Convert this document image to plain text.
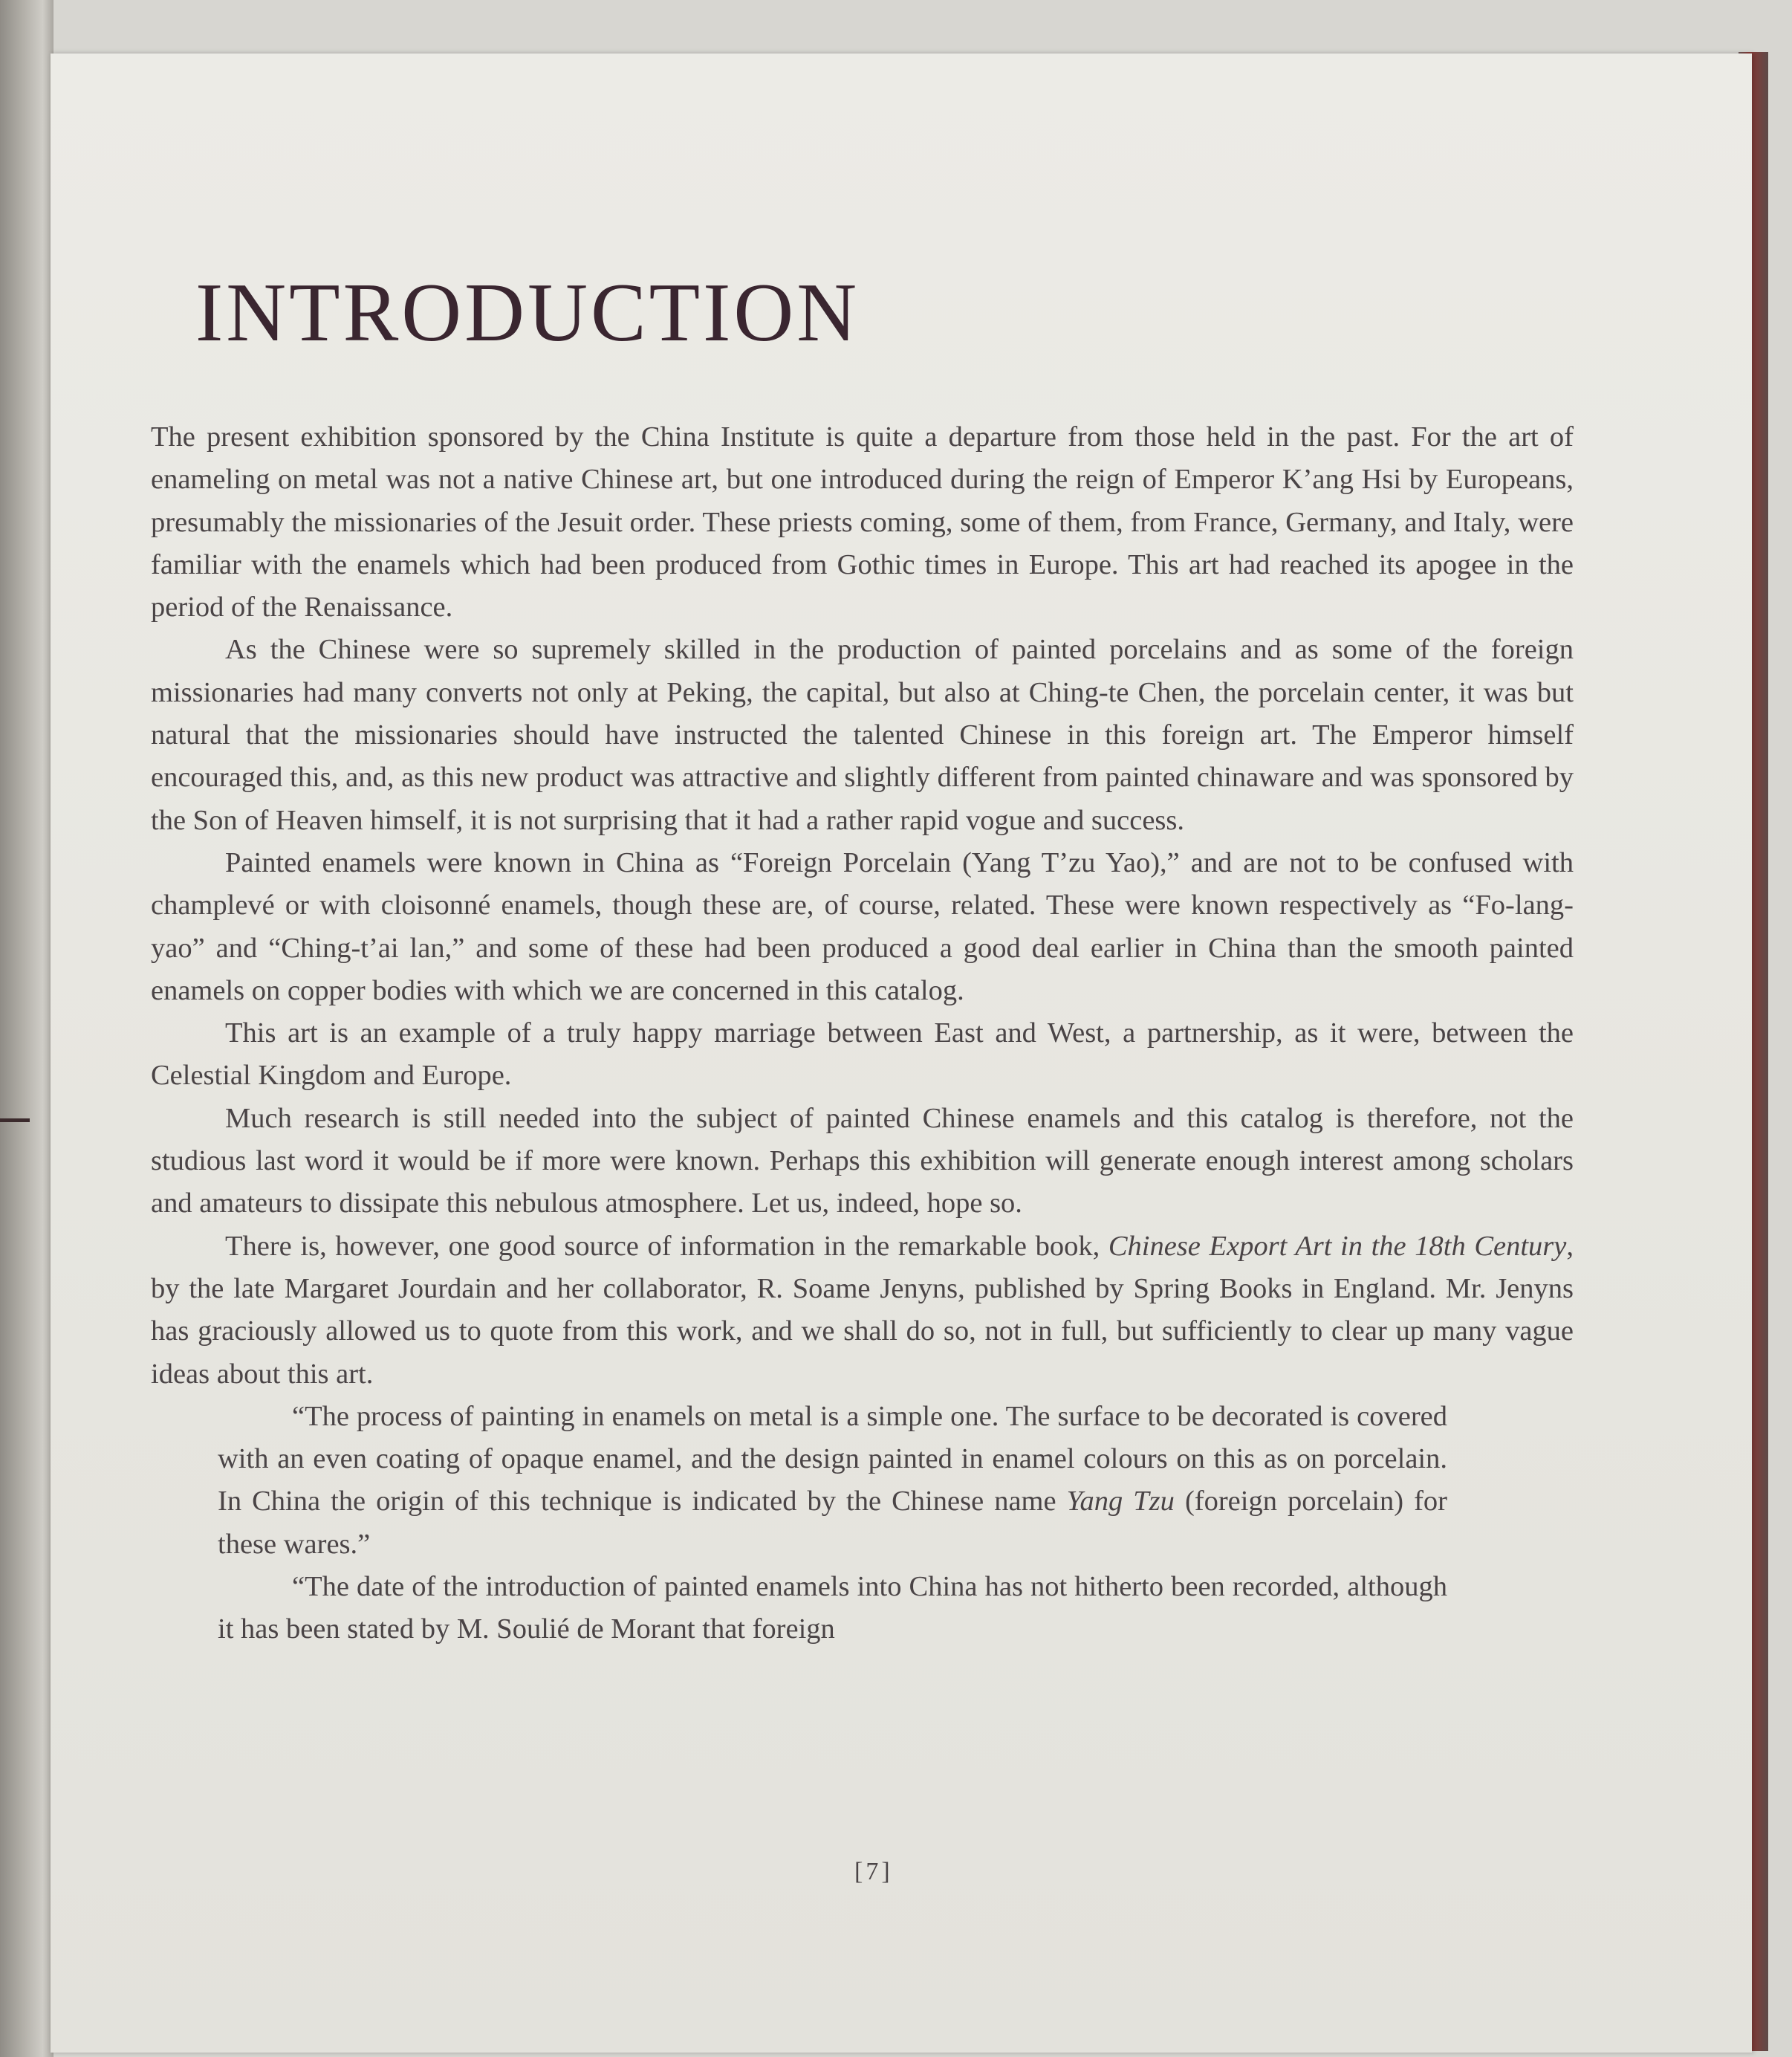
INTRODUCTION

The present exhibition sponsored by the China Institute is quite a departure from those held in the past. For the art of enameling on metal was not a native Chinese art, but one introduced during the reign of Emperor K’ang Hsi by Europeans, presumably the missionaries of the Jesuit order. These priests coming, some of them, from France, Germany, and Italy, were familiar with the enamels which had been produced from Gothic times in Europe. This art had reached its apogee in the period of the Renaissance.

As the Chinese were so supremely skilled in the production of painted porcelains and as some of the foreign missionaries had many converts not only at Peking, the capital, but also at Ching-te Chen, the porcelain center, it was but natural that the missionaries should have instructed the talented Chinese in this foreign art. The Emperor himself encouraged this, and, as this new product was attractive and slightly different from painted chinaware and was sponsored by the Son of Heaven himself, it is not surprising that it had a rather rapid vogue and success.

Painted enamels were known in China as “Foreign Porcelain (Yang T’zu Yao),” and are not to be confused with champlevé or with cloisonné enamels, though these are, of course, related. These were known respectively as “Fo-lang-yao” and “Ching-t’ai lan,” and some of these had been produced a good deal earlier in China than the smooth painted enamels on copper bodies with which we are concerned in this catalog.

This art is an example of a truly happy marriage between East and West, a partnership, as it were, between the Celestial Kingdom and Europe.

Much research is still needed into the subject of painted Chinese enamels and this catalog is therefore, not the studious last word it would be if more were known. Perhaps this exhibition will generate enough interest among scholars and amateurs to dissipate this nebulous atmosphere. Let us, indeed, hope so.

There is, however, one good source of information in the remarkable book, Chinese Export Art in the 18th Century, by the late Margaret Jourdain and her collaborator, R. Soame Jenyns, published by Spring Books in England. Mr. Jenyns has graciously allowed us to quote from this work, and we shall do so, not in full, but sufficiently to clear up many vague ideas about this art.

“The process of painting in enamels on metal is a simple one. The surface to be decorated is covered with an even coating of opaque enamel, and the design painted in enamel colours on this as on porcelain. In China the origin of this technique is indicated by the Chinese name Yang Tzu (foreign porcelain) for these wares.”

“The date of the introduction of painted enamels into China has not hitherto been recorded, although it has been stated by M. Soulié de Morant that foreign

[7]
